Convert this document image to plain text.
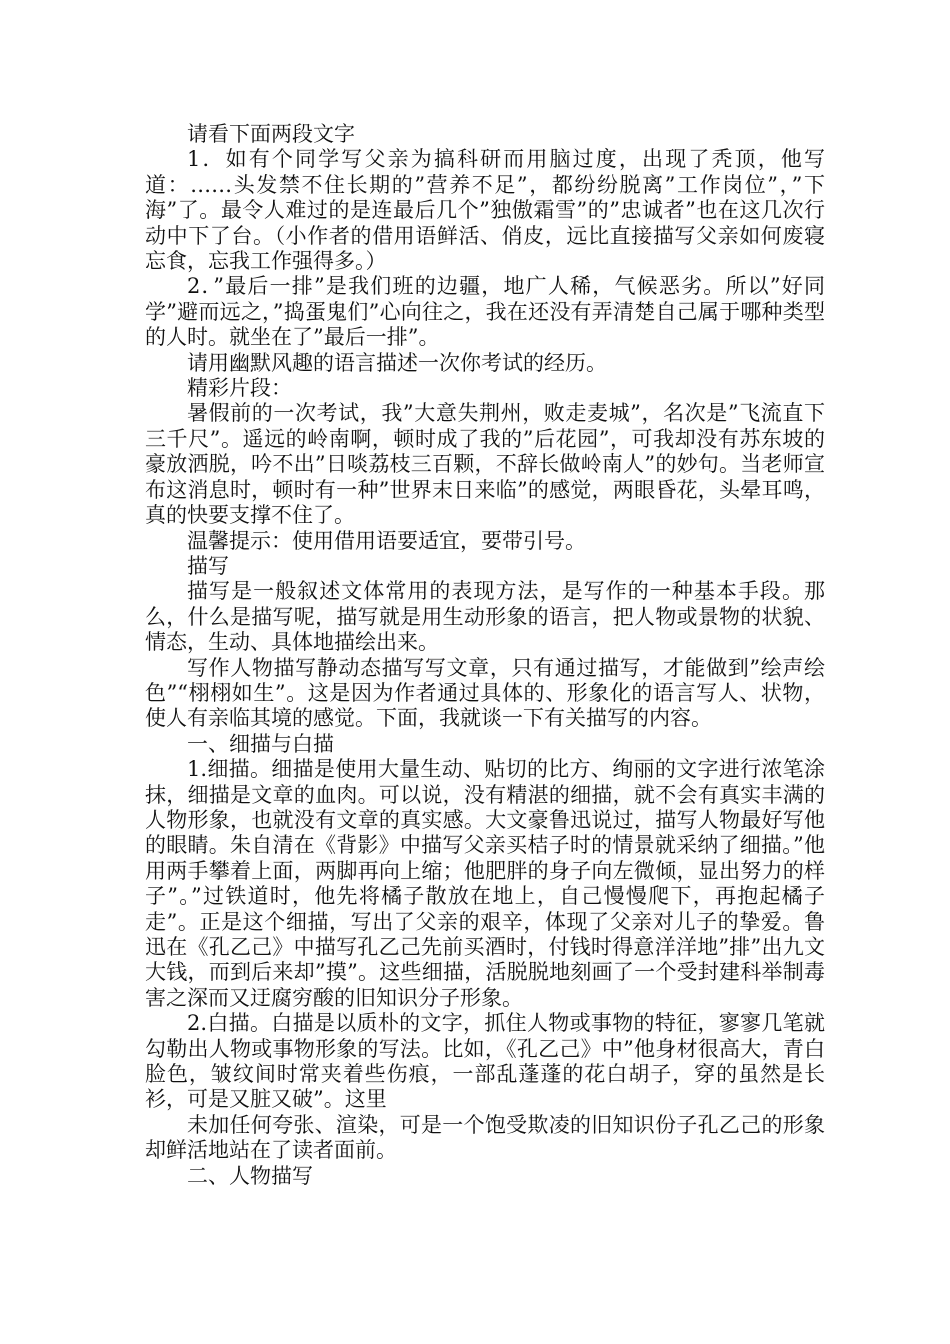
请看下面两段文字

1．如有个同学写父亲为搞科研而用脑过度，出现了秃顶，他写道：……头发禁不住长期的”营养不足”，都纷纷脱离”工作岗位”，”下海”了。最令人难过的是连最后几个”独傲霜雪”的”忠诚者”也在这几次行动中下了台。（小作者的借用语鲜活、俏皮，远比直接描写父亲如何废寝忘食，忘我工作强得多。）

2．”最后一排”是我们班的边疆，地广人稀，气候恶劣。所以”好同学”避而远之，”捣蛋鬼们”心向往之，我在还没有弄清楚自己属于哪种类型的人时。就坐在了”最后一排”。

请用幽默风趣的语言描述一次你考试的经历。

精彩片段：

暑假前的一次考试，我”大意失荆州，败走麦城”，名次是”飞流直下三千尺”。遥远的岭南啊，顿时成了我的”后花园”，可我却没有苏东坡的豪放洒脱，吟不出”日啖荔枝三百颗，不辞长做岭南人”的妙句。当老师宣布这消息时，顿时有一种”世界末日来临”的感觉，两眼昏花，头晕耳鸣，真的快要支撑不住了。

温馨提示：使用借用语要适宜，要带引号。

描写

描写是一般叙述文体常用的表现方法，是写作的一种基本手段。那么，什么是描写呢，描写就是用生动形象的语言，把人物或景物的状貌、情态，生动、具体地描绘出来。

写作人物描写静动态描写写文章，只有通过描写，才能做到”绘声绘色”“栩栩如生”。这是因为作者通过具体的、形象化的语言写人、状物，使人有亲临其境的感觉。下面，我就谈一下有关描写的内容。

一、细描与白描

1.细描。细描是使用大量生动、贴切的比方、绚丽的文字进行浓笔涂抹，细描是文章的血肉。可以说，没有精湛的细描，就不会有真实丰满的人物形象，也就没有文章的真实感。大文豪鲁迅说过，描写人物最好写他的眼睛。朱自清在《背影》中描写父亲买桔子时的情景就采纳了细描。”他用两手攀着上面，两脚再向上缩；他肥胖的身子向左微倾，显出努力的样子”。”过铁道时，他先将橘子散放在地上，自己慢慢爬下，再抱起橘子走”。正是这个细描，写出了父亲的艰辛，体现了父亲对儿子的挚爱。鲁迅在《孔乙己》中描写孔乙己先前买酒时，付钱时得意洋洋地”排”出九文大钱，而到后来却”摸”。这些细描，活脱脱地刻画了一个受封建科举制毒害之深而又迂腐穷酸的旧知识分子形象。

2.白描。白描是以质朴的文字，抓住人物或事物的特征，寥寥几笔就勾勒出人物或事物形象的写法。比如，《孔乙己》中”他身材很高大，青白脸色，皱纹间时常夹着些伤痕，一部乱蓬蓬的花白胡子，穿的虽然是长衫，可是又脏又破”。这里

未加任何夸张、渲染，可是一个饱受欺凌的旧知识份子孔乙己的形象却鲜活地站在了读者面前。

二、人物描写
